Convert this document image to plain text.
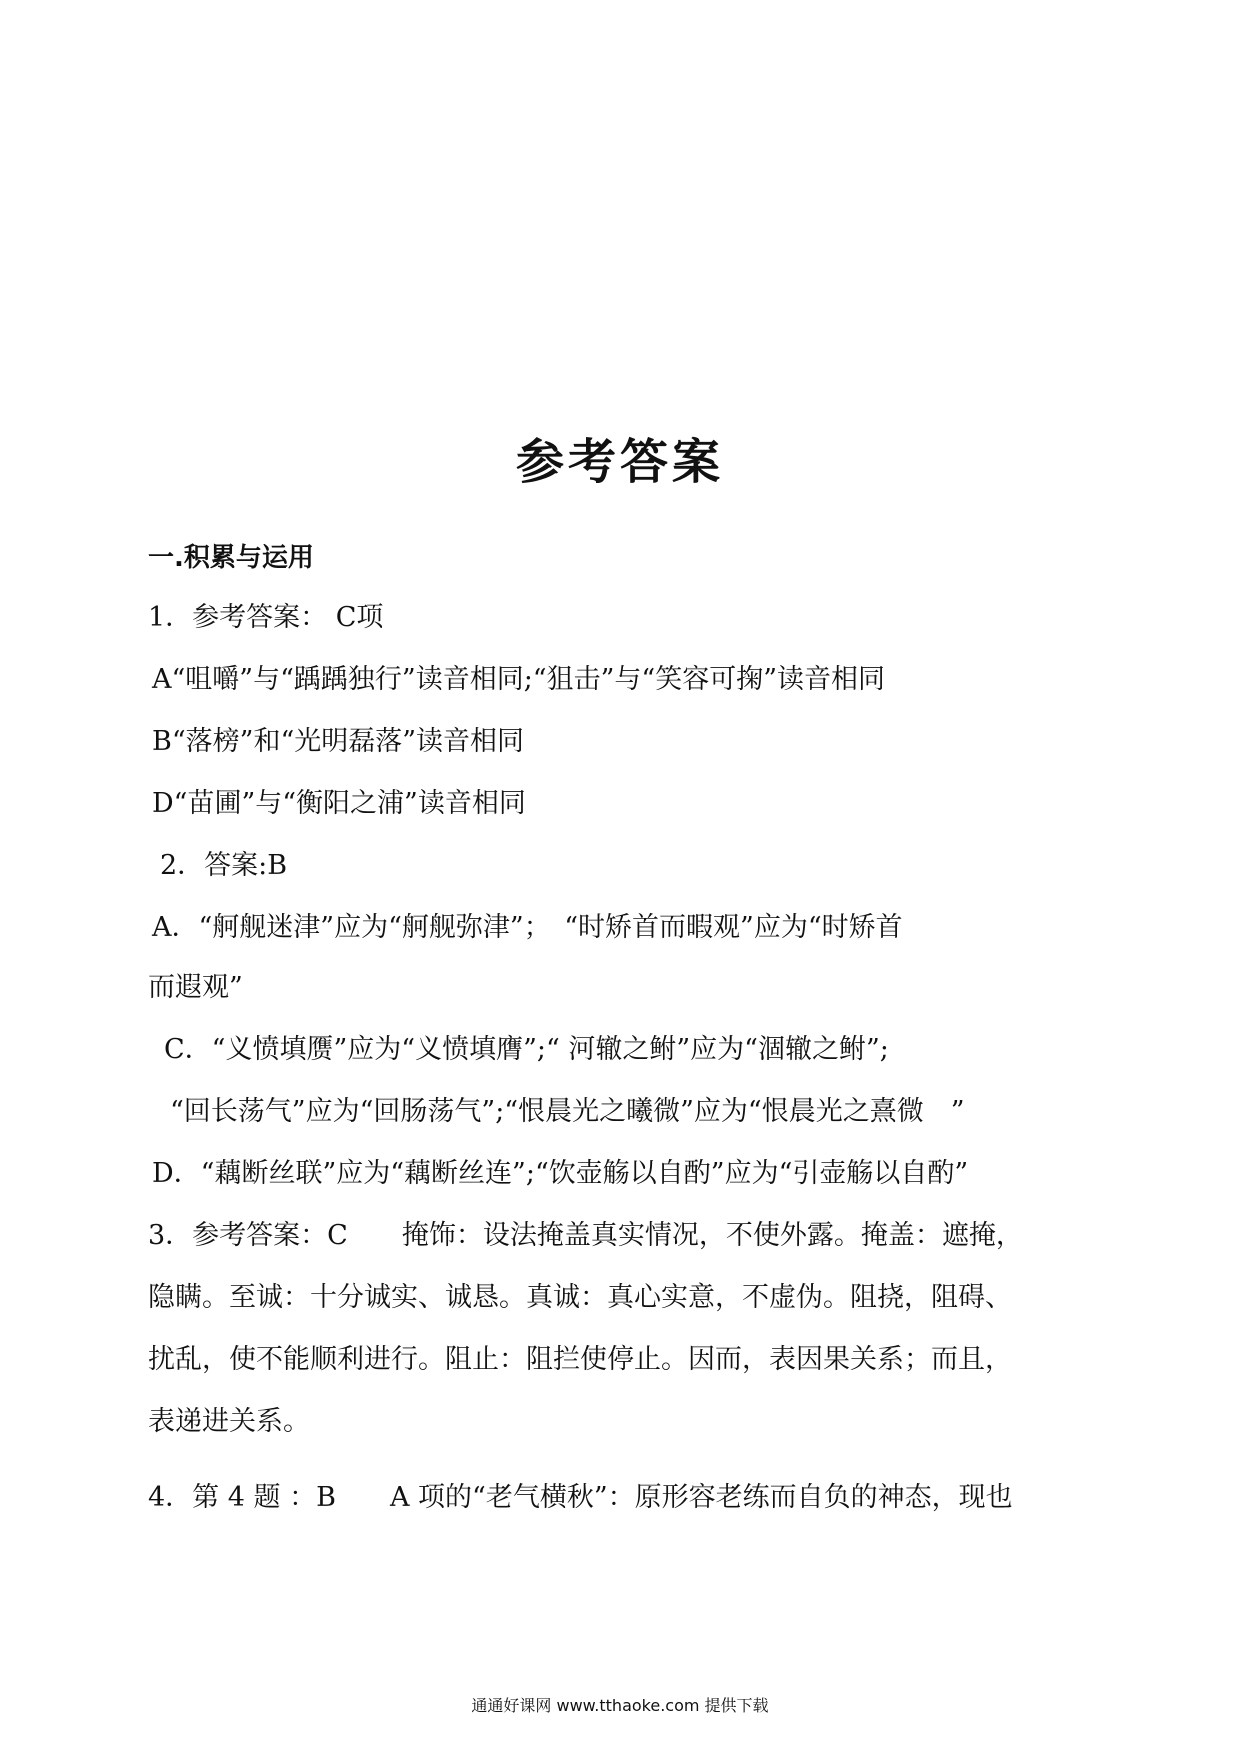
参考答案
一.积累与运用
1．参考答案： C项
A“咀嚼”与“踽踽独行”读音相同;“狙击”与“笑容可掬”读音相同
B“落榜”和“光明磊落”读音相同
D“苗圃”与“衡阳之浦”读音相同
2．答案:B
A．“舸舰迷津”应为“舸舰弥津”；　“时矫首而暇观”应为“时矫首
而遐观”
C．“义愤填赝”应为“义愤填膺”;“ 河辙之鲋”应为“涸辙之鲋”;
“回长荡气”应为“回肠荡气”;“恨晨光之曦微”应为“恨晨光之熹微　”
D．“藕断丝联”应为“藕断丝连”;“饮壶觞以自酌”应为“引壶觞以自酌”
3．参考答案：C　　掩饰：设法掩盖真实情况，不使外露。掩盖：遮掩，
隐瞒。至诚：十分诚实、诚恳。真诚：真心实意，不虚伪。阻挠，阻碍、
扰乱，使不能顺利进行。阻止：阻拦使停止。因而，表因果关系；而且，
表递进关系。
4．第 4 题 ：B　　A 项的“老气横秋”：原形容老练而自负的神态，现也
通通好课网 www.tthaoke.com 提供下载
